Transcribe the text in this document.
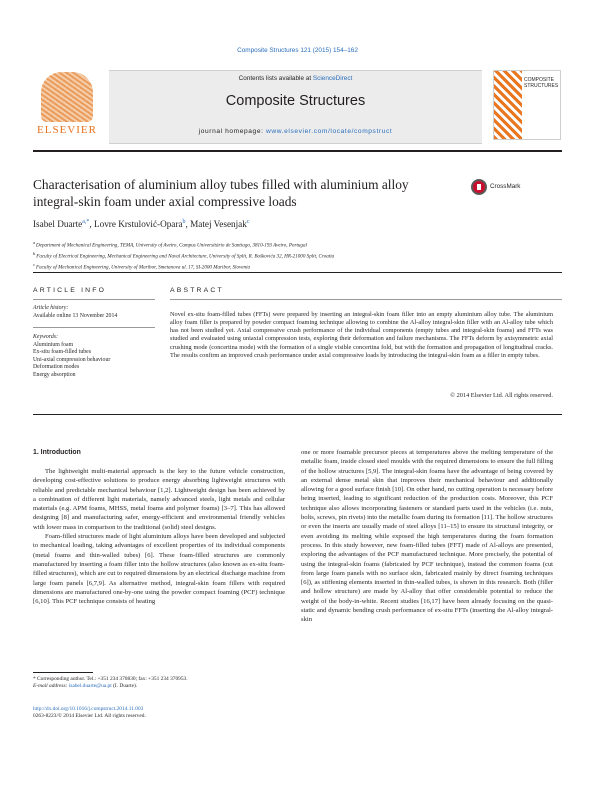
Composite Structures 121 (2015) 154–162
ELSEVIER
Contents lists available at ScienceDirect
Composite Structures
journal homepage: www.elsevier.com/locate/compstruct
COMPOSITE STRUCTURES
Characterisation of aluminium alloy tubes filled with aluminium alloy
integral-skin foam under axial compressive loads
CrossMark
Isabel Duarte$^{a,*}$, Lovre Krstulović-Opara$^b$, Matej Vesenjak$^c$
aDepartment of Mechanical Engineering, TEMA, University of Aveiro, Campus Universitário de Santiago, 3810-193 Aveiro, Portugal
bFaculty of Electrical Engineering, Mechanical Engineering and Naval Architecture, University of Split, R. Boškovića 32, HR-21000 Split, Croatia
cFaculty of Mechanical Engineering, University of Maribor, Smetanova ul. 17, SI-2000 Maribor, Slovenia
ARTICLE INFO	ABSTRACT
Article history:
Available online 13 November 2014
Keywords:
Aluminium foam
Ex-situ foam-filled tubes
Uni-axial compression behaviour
Deformation modes
Energy absorption
Novel ex-situ foam-filled tubes (FFTs) were prepared by inserting an integral-skin foam filler into an empty aluminium alloy tube. The aluminium alloy foam filler is prepared by powder compact foaming technique allowing to combine the Al-alloy integral-skin filler with an Al-alloy tube which has not been studied yet. Axial compressive crush performance of the individual components (empty tubes and integral-skin foams) and FFTs was studied and evaluated using uniaxial compression tests, exploring their deformation and failure mechanisms. The FFTs deform by axisymmetric axial crushing mode (concertina mode) with the formation of a single visible concertina fold, but with the formation and propagation of longitudinal cracks. The results confirm an improved crush performance under axial compressive loads by introducing the integral-skin foam as a filler in empty tubes.
© 2014 Elsevier Ltd. All rights reserved.
1. Introduction

The lightweight multi-material approach is the key to the future vehicle construction, developing cost-effective solutions to produce energy absorbing lightweight structures with reliable and predictable mechanical behaviour [1,2]. Lightweight design has been achieved by a combination of different light materials, namely advanced steels, light metals and cellular materials (e.g. APM foams, MHSS, metal foams and polymer foams) [3–7]. This has allowed designing [8] and manufacturing safer, energy-efficient and environmental friendly vehicles with lower mass in comparison to the traditional (solid) steel designs.

Foam-filled structures made of light aluminium alloys have been developed and subjected to mechanical loading, taking advantages of excellent properties of its individual components (metal foams and thin-walled tubes) [6]. These foam-filled structures are commonly manufactured by inserting a foam filler into the hollow structures (also known as ex-situ foam-filled structures), which are cut to required dimensions by an electrical discharge machine from large foam panels [6,7,9]. As alternative method, integral-skin foam fillers with required dimensions are manufactured one-by-one using the powder compact foaming (PCF) technique [6,10]. This PCF technique consists of heating

one or more foamable precursor pieces at temperatures above the melting temperature of the metallic foam, inside closed steel moulds with the required dimensions to ensure the full filling of the hollow structures [5,9]. The integral-skin foams have the advantage of being covered by an external dense metal skin that improves their mechanical behaviour and additionally allowing for a good surface finish [10]. On other hand, no cutting operation is necessary before being inserted, leading to significant reduction of the production costs. Moreover, this PCF technique also allows incorporating fasteners or standard parts used in the vehicles (i.e. nuts, bolts, screws, pin rivets) into the metallic foam during its formation [11]. The hollow structures or even the inserts are usually made of steel alloys [11–15] to ensure its structural integrity, or even avoiding its melting while exposed the high temperatures during the foam formation process. In this study however, new foam-filled tubes (FFT) made of Al-alloys are presented, exploring the advantages of the PCF manufactured technique. More precisely, the potential of using the integral-skin foams (fabricated by PCF technique), instead the common foams (cut from large foam panels with no surface skin, fabricated mainly by direct foaming techniques [6]), as stiffening elements inserted in thin-walled tubes, is shown in this research. Both (filler and hollow structure) are made by Al-alloy that offer considerable potential to reduce the weight of the body-in-white. Recent studies [16,17] have been already focusing on the quasi-static and dynamic bending crush performance of ex-situ FFTs (inserting the Al-alloy integral-skin

* Corresponding author. Tel.: +351 234 370830; fax: +351 234 370953.
E-mail address: isabel.duarte@ua.pt (I. Duarte).
http://dx.doi.org/10.1016/j.compstruct.2014.11.003
0263-8223/© 2014 Elsevier Ltd. All rights reserved.
